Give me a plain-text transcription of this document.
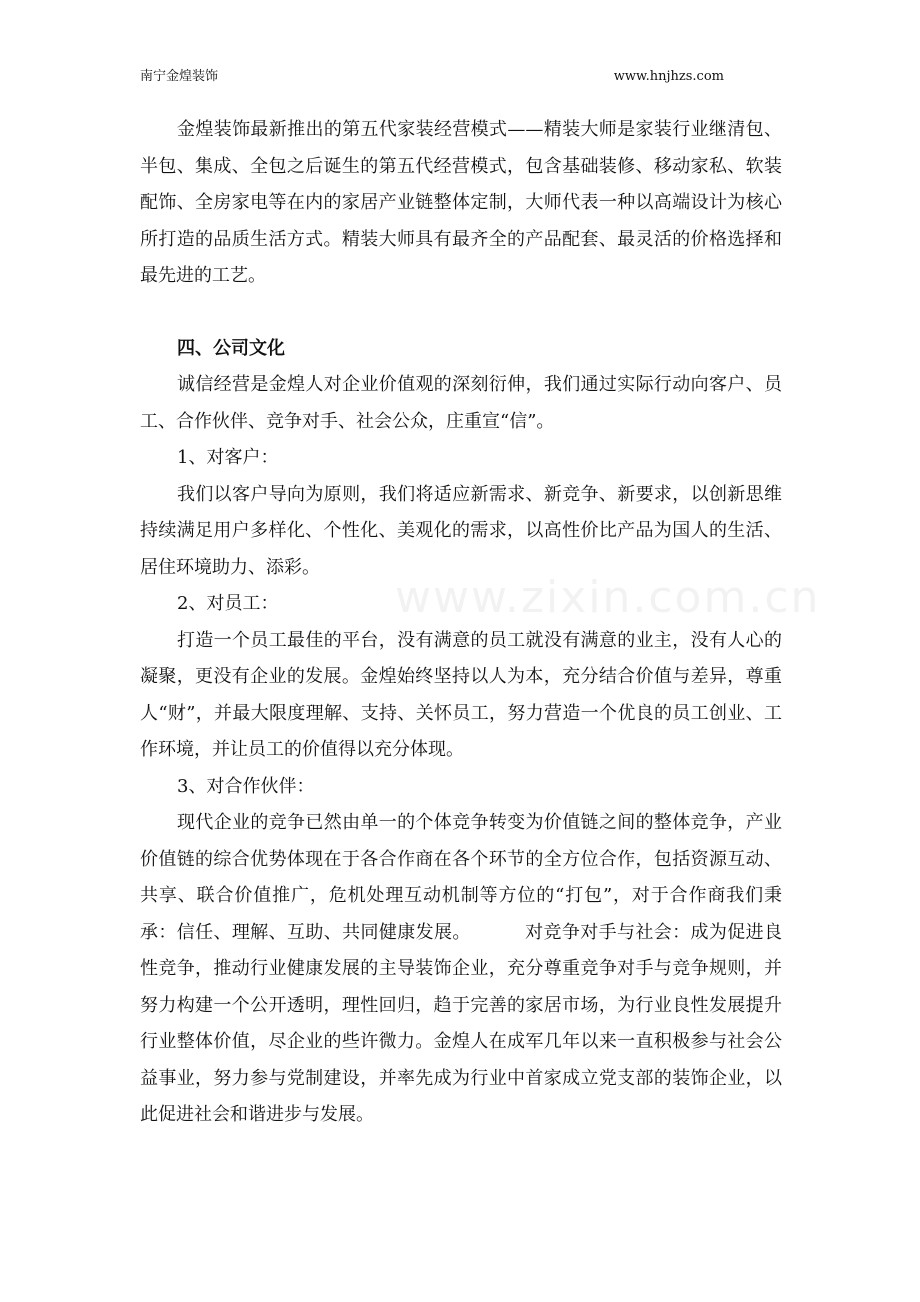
南宁金煌装饰	www.hnjhzs.com
www.zixin.com.cn

金煌装饰最新推出的第五代家装经营模式——精装大师是家装行业继清包、半包、集成、全包之后诞生的第五代经营模式，包含基础装修、移动家私、软装配饰、全房家电等在内的家居产业链整体定制，大师代表一种以高端设计为核心所打造的品质生活方式。精装大师具有最齐全的产品配套、最灵活的价格选择和最先进的工艺。

四、公司文化

诚信经营是金煌人对企业价值观的深刻衍伸，我们通过实际行动向客户、员工、合作伙伴、竞争对手、社会公众，庄重宣“信”。

1、对客户：

我们以客户导向为原则，我们将适应新需求、新竞争、新要求，以创新思维持续满足用户多样化、个性化、美观化的需求，以高性价比产品为国人的生活、居住环境助力、添彩。

2、对员工：

打造一个员工最佳的平台，没有满意的员工就没有满意的业主，没有人心的凝聚，更没有企业的发展。金煌始终坚持以人为本，充分结合价值与差异，尊重人“财”，并最大限度理解、支持、关怀员工，努力营造一个优良的员工创业、工作环境，并让员工的价值得以充分体现。

3、对合作伙伴：

现代企业的竞争已然由单一的个体竞争转变为价值链之间的整体竞争，产业价值链的综合优势体现在于各合作商在各个环节的全方位合作，包括资源互动、共享、联合价值推广，危机处理互动机制等方位的“打包”，对于合作商我们秉承：信任、理解、互助、共同健康发展。	对竞争对手与社会：成为促进良性竞争，推动行业健康发展的主导装饰企业，充分尊重竞争对手与竞争规则，并努力构建一个公开透明，理性回归，趋于完善的家居市场，为行业良性发展提升行业整体价值，尽企业的些许微力。金煌人在成军几年以来一直积极参与社会公益事业，努力参与党制建设，并率先成为行业中首家成立党支部的装饰企业，以此促进社会和谐进步与发展。
